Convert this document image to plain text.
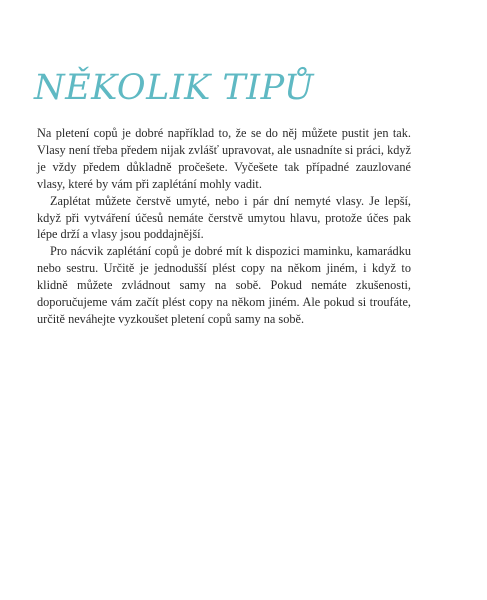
NĚKOLIK TIPŮ

Na pletení copů je dobré například to, že se do něj můžete pustit jen tak. Vlasy není třeba předem nijak zvlášť upravovat, ale usnadníte si práci, když je vždy předem důkladně pročešete. Vyčešete tak případné zauzlované vlasy, které by vám při zaplétání mohly vadit.

Zaplétat můžete čerstvě umyté, nebo i pár dní nemyté vlasy. Je lepší, když při vytváření účesů nemáte čerstvě umytou hlavu, protože účes pak lépe drží a vlasy jsou poddajnější.

Pro nácvik zaplétání copů je dobré mít k dispozici maminku, kamarádku nebo sestru. Určitě je jednodušší plést copy na někom jiném, i když to klidně můžete zvládnout samy na sobě. Pokud nemáte zkušenosti, doporučujeme vám začít plést copy na někom jiném. Ale pokud si troufáte, určitě neváhejte vyzkoušet pletení copů samy na sobě.
